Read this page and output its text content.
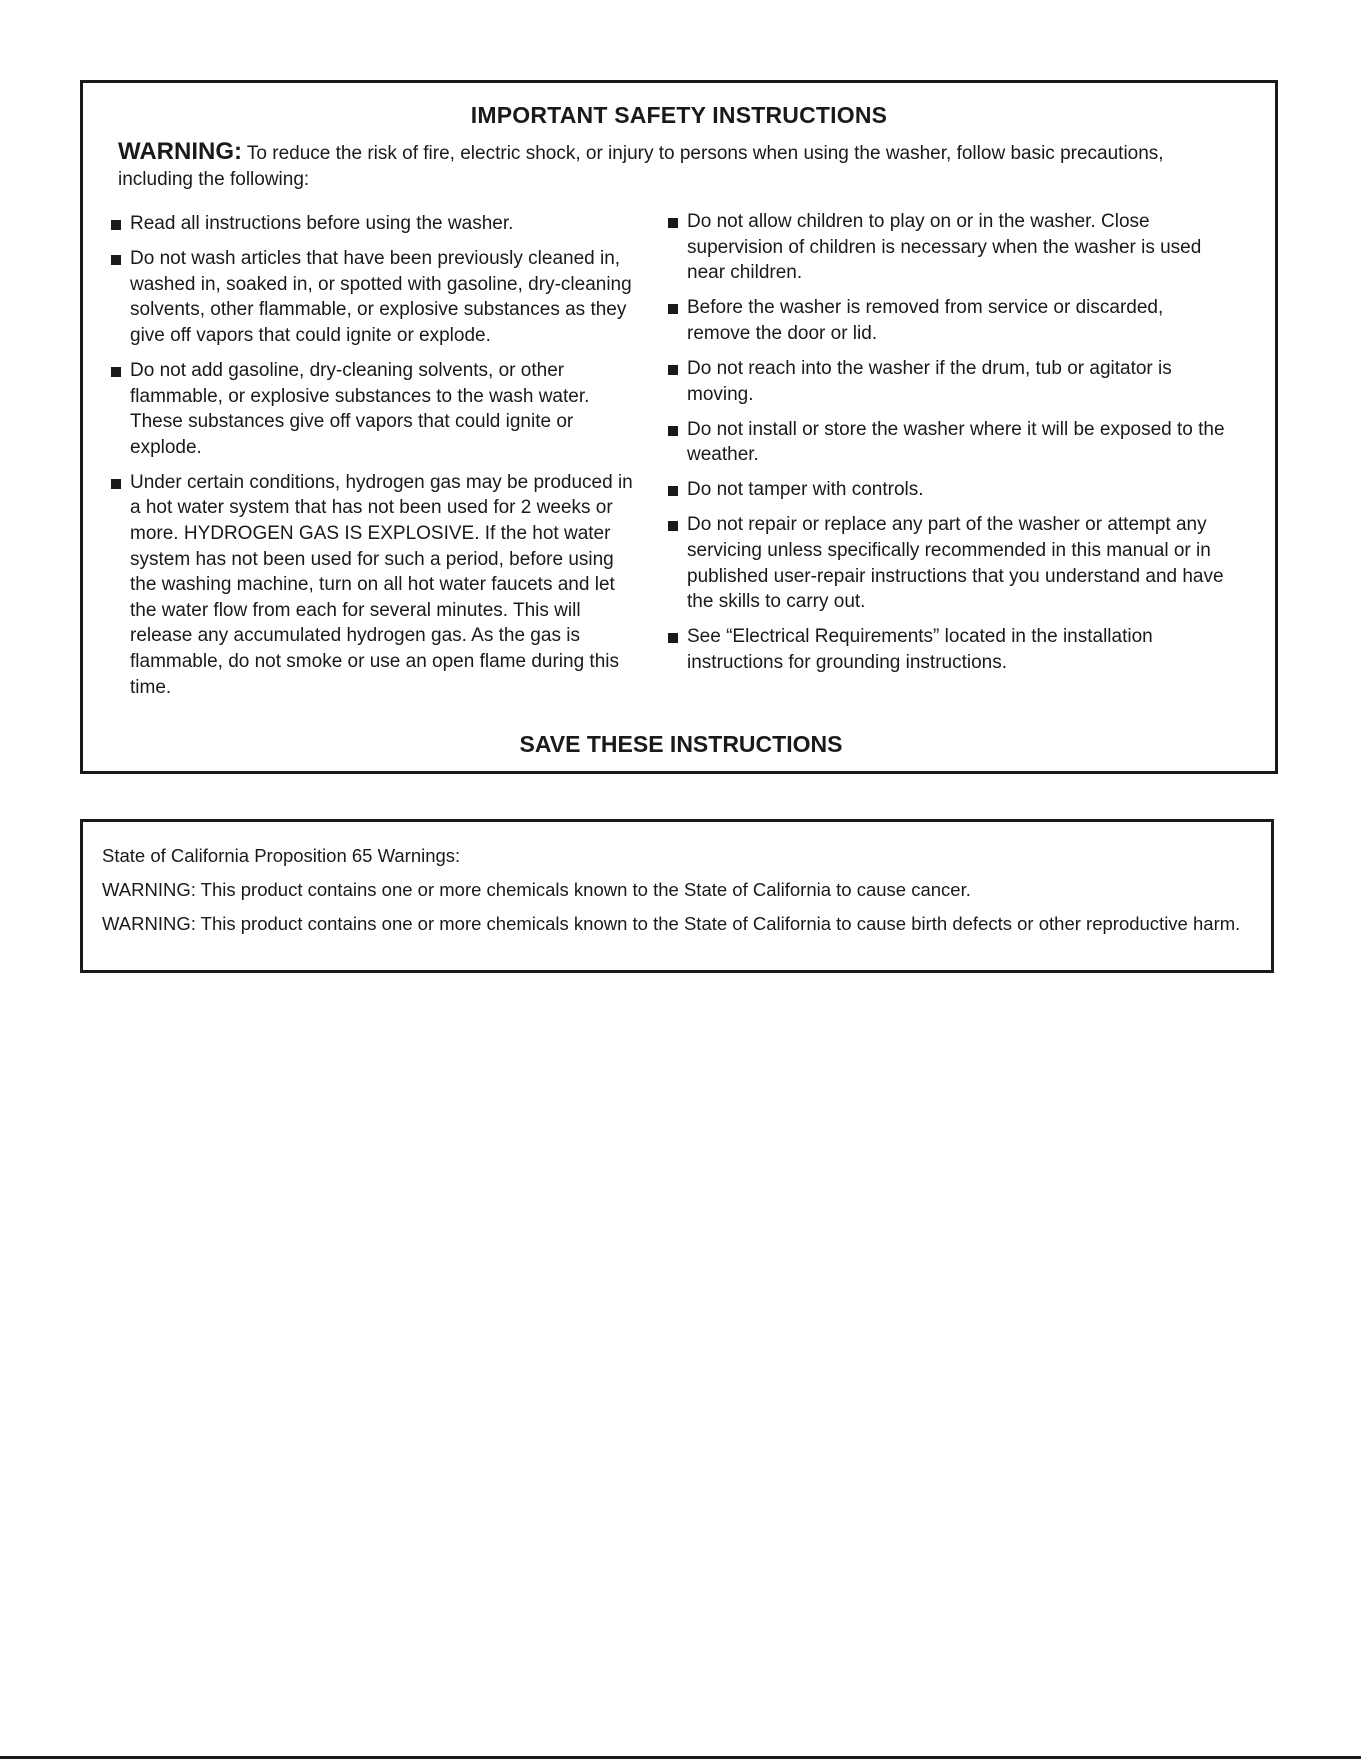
IMPORTANT SAFETY INSTRUCTIONS
WARNING: To reduce the risk of fire, electric shock, or injury to persons when using the washer, follow basic precautions, including the following:
Read all instructions before using the washer.
Do not wash articles that have been previously cleaned in, washed in, soaked in, or spotted with gasoline, dry-cleaning solvents, other flammable, or explosive substances as they give off vapors that could ignite or explode.
Do not add gasoline, dry-cleaning solvents, or other flammable, or explosive substances to the wash water. These substances give off vapors that could ignite or explode.
Under certain conditions, hydrogen gas may be produced in a hot water system that has not been used for 2 weeks or more. HYDROGEN GAS IS EXPLOSIVE. If the hot water system has not been used for such a period, before using the washing machine, turn on all hot water faucets and let the water flow from each for several minutes. This will release any accumulated hydrogen gas. As the gas is flammable, do not smoke or use an open flame during this time.
Do not allow children to play on or in the washer. Close supervision of children is necessary when the washer is used near children.
Before the washer is removed from service or discarded, remove the door or lid.
Do not reach into the washer if the drum, tub or agitator is moving.
Do not install or store the washer where it will be exposed to the weather.
Do not tamper with controls.
Do not repair or replace any part of the washer or attempt any servicing unless specifically recommended in this manual or in published user-repair instructions that you understand and have the skills to carry out.
See “Electrical Requirements” located in the installation instructions for grounding instructions.
SAVE THESE INSTRUCTIONS
State of California Proposition 65 Warnings:
WARNING: This product contains one or more chemicals known to the State of California to cause cancer.
WARNING: This product contains one or more chemicals known to the State of California to cause birth defects or other reproductive harm.
